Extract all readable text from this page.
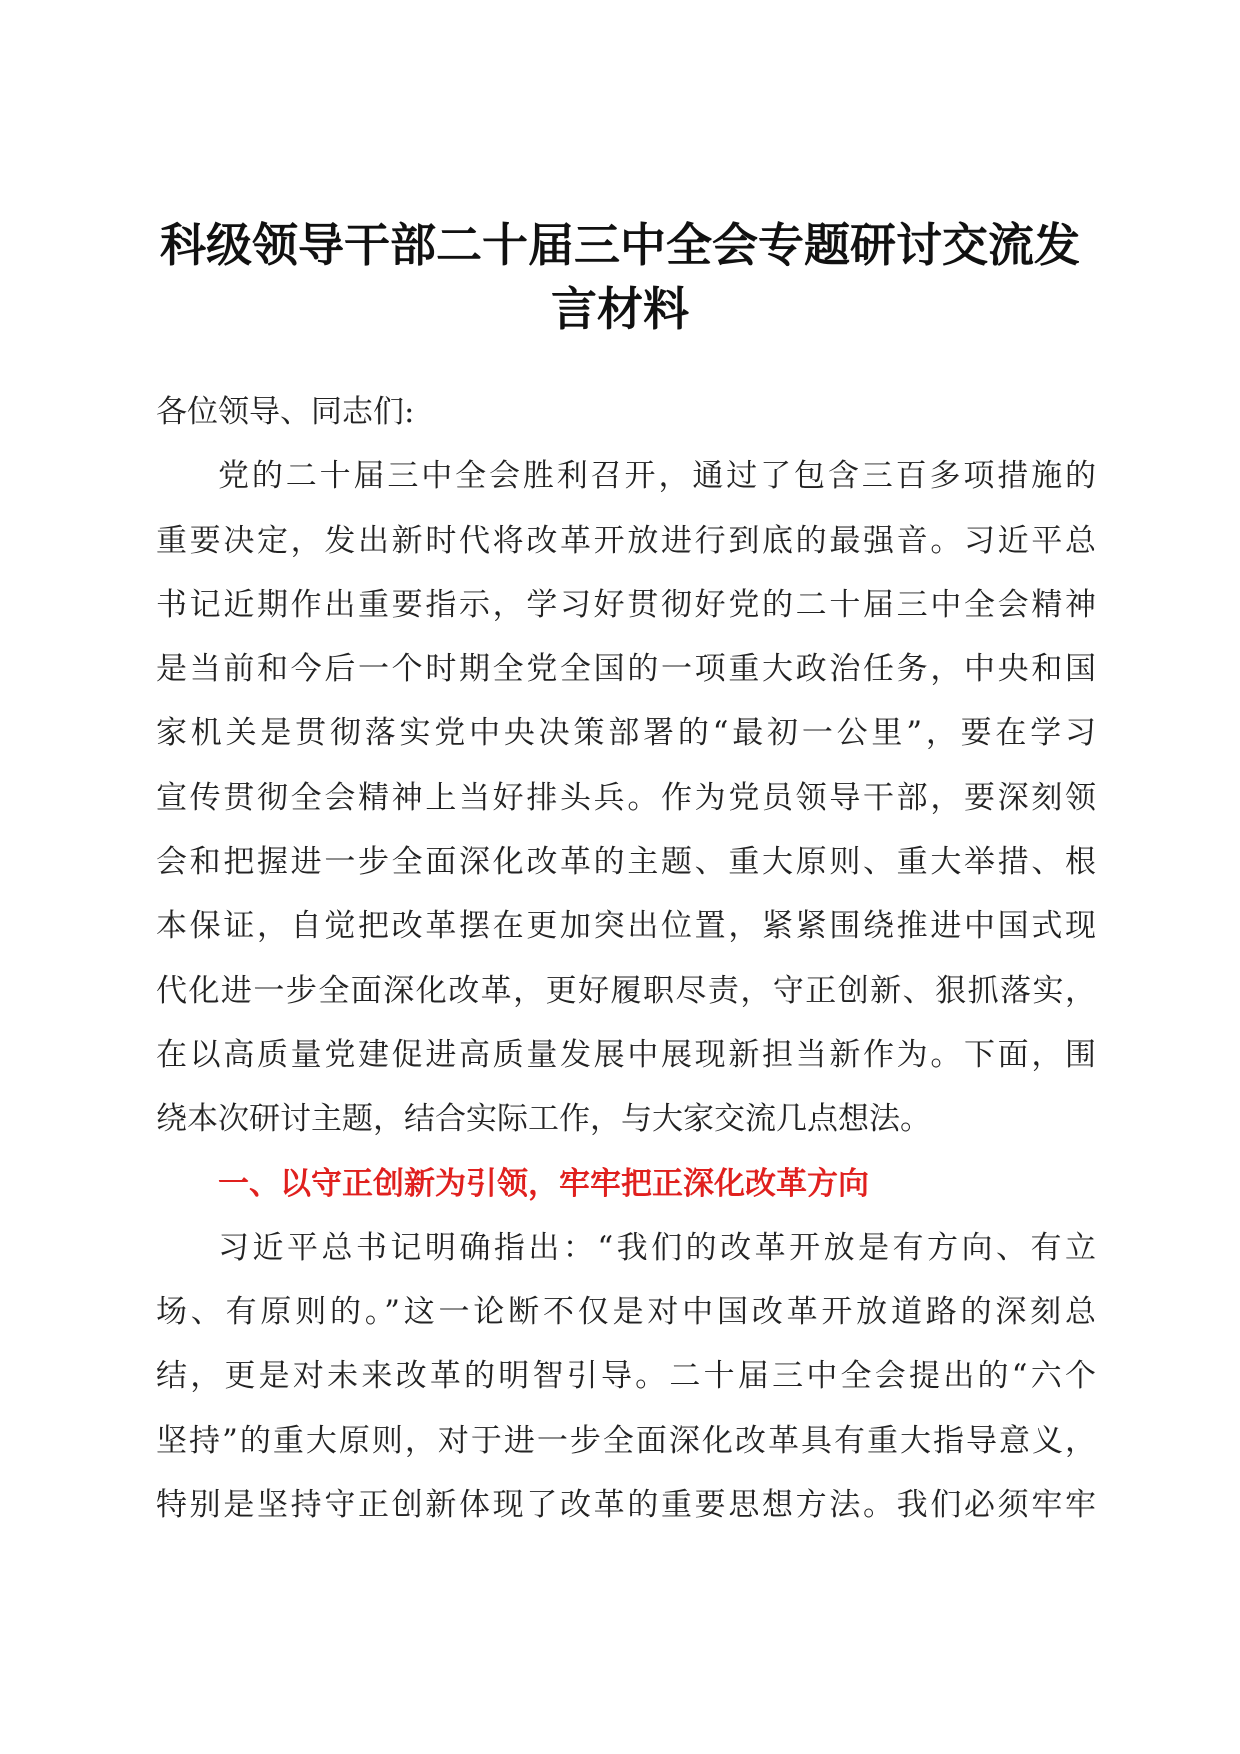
科级领导干部二十届三中全会专题研讨交流发
言材料
各位领导、同志们:
党的二十届三中全会胜利召开，通过了包含三百多项措施的
重要决定，发出新时代将改革开放进行到底的最强音。习近平总
书记近期作出重要指示，学习好贯彻好党的二十届三中全会精神
是当前和今后一个时期全党全国的一项重大政治任务，中央和国
家机关是贯彻落实党中央决策部署的“最初一公里”，要在学习
宣传贯彻全会精神上当好排头兵。作为党员领导干部，要深刻领
会和把握进一步全面深化改革的主题、重大原则、重大举措、根
本保证，自觉把改革摆在更加突出位置，紧紧围绕推进中国式现
代化进一步全面深化改革，更好履职尽责，守正创新、狠抓落实，
在以高质量党建促进高质量发展中展现新担当新作为。下面，围
绕本次研讨主题，结合实际工作，与大家交流几点想法。
一、以守正创新为引领，牢牢把正深化改革方向
习近平总书记明确指出：“我们的改革开放是有方向、有立
场、有原则的。”这一论断不仅是对中国改革开放道路的深刻总
结，更是对未来改革的明智引导。二十届三中全会提出的“六个
坚持”的重大原则，对于进一步全面深化改革具有重大指导意义，
特别是坚持守正创新体现了改革的重要思想方法。我们必须牢牢
